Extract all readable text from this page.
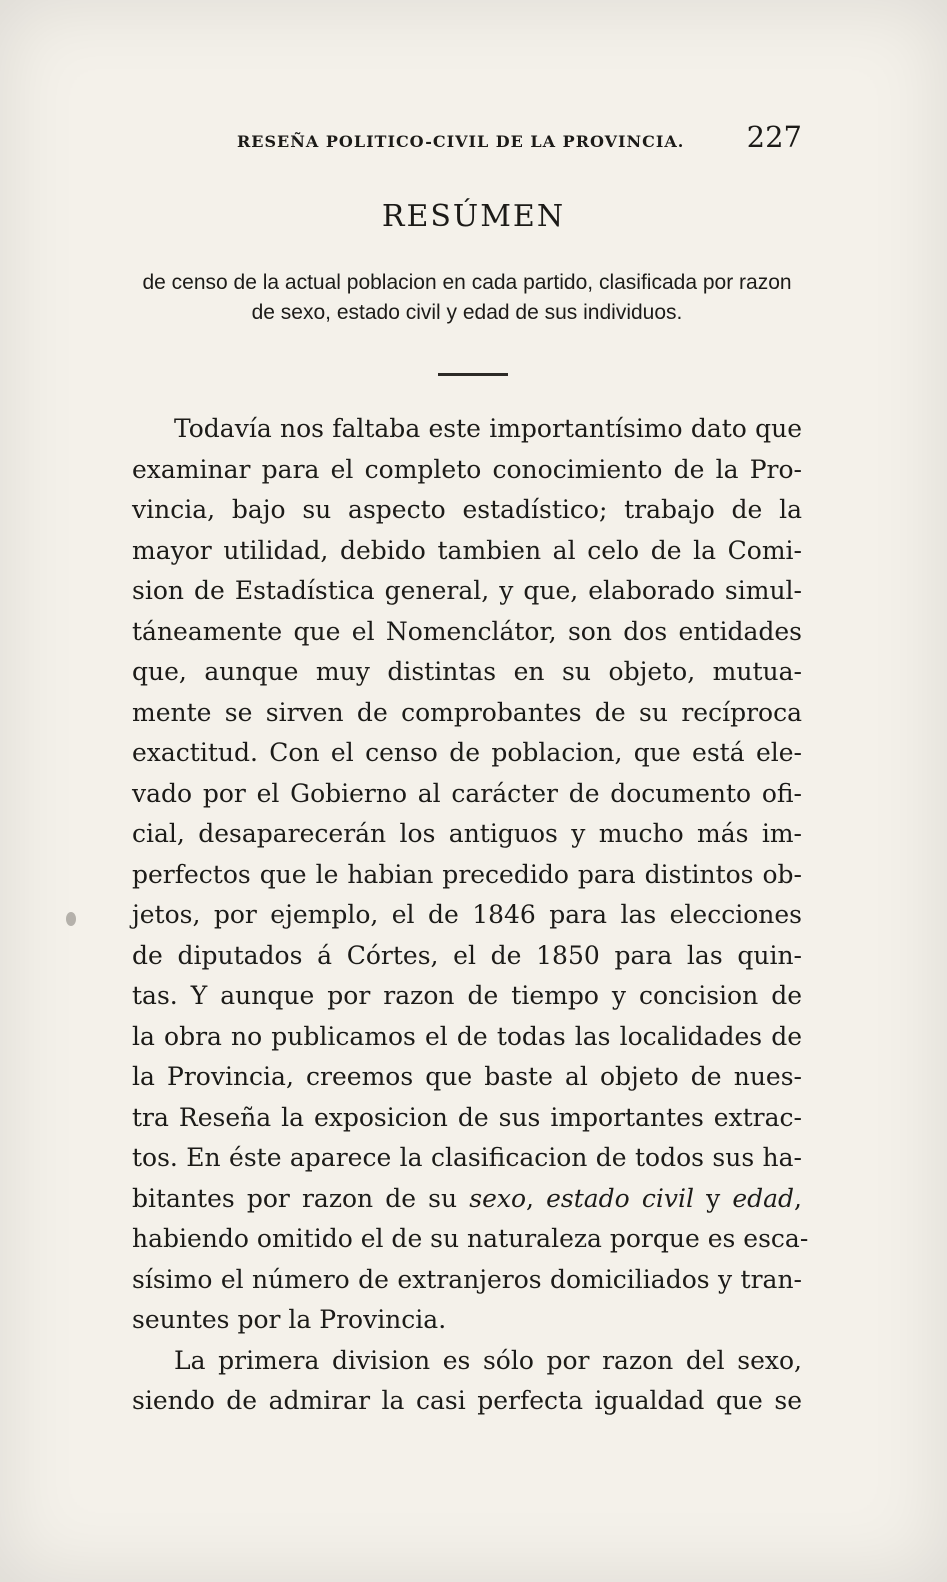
RESEÑA POLITICO-CIVIL DE LA PROVINCIA. 227
RESÚMEN
de censo de la actual poblacion en cada partido, clasificada por razon
de sexo, estado civil y edad de sus individuos.
Todavía nos faltaba este importantísimo dato que
examinar para el completo conocimiento de la Pro-
vincia, bajo su aspecto estadístico; trabajo de la
mayor utilidad, debido tambien al celo de la Comi-
sion de Estadística general, y que, elaborado simul-
táneamente que el Nomenclátor, son dos entidades
que, aunque muy distintas en su objeto, mutua-
mente se sirven de comprobantes de su recíproca
exactitud. Con el censo de poblacion, que está ele-
vado por el Gobierno al carácter de documento ofi-
cial, desaparecerán los antiguos y mucho más im-
perfectos que le habian precedido para distintos ob-
jetos, por ejemplo, el de 1846 para las elecciones
de diputados á Córtes, el de 1850 para las quin-
tas. Y aunque por razon de tiempo y concision de
la obra no publicamos el de todas las localidades de
la Provincia, creemos que baste al objeto de nues-
tra Reseña la exposicion de sus importantes extrac-
tos. En éste aparece la clasificacion de todos sus ha-
bitantes por razon de su sexo, estado civil y edad,
habiendo omitido el de su naturaleza porque es esca-
sísimo el número de extranjeros domiciliados y tran-
seuntes por la Provincia.
La primera division es sólo por razon del sexo,
siendo de admirar la casi perfecta igualdad que se
